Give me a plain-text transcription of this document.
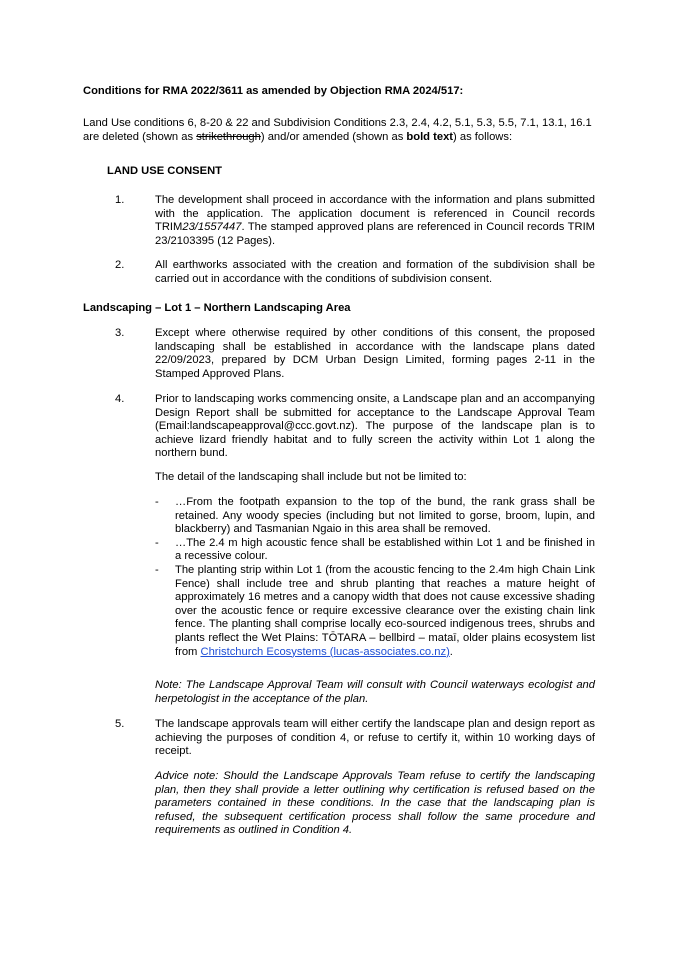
Conditions for RMA 2022/3611 as amended by Objection RMA 2024/517:
Land Use conditions 6, 8-20 & 22 and Subdivision Conditions 2.3, 2.4, 4.2, 5.1, 5.3, 5.5, 7.1, 13.1, 16.1 are deleted (shown as strikethrough) and/or amended (shown as bold text) as follows:
LAND USE CONSENT
1.	The development shall proceed in accordance with the information and plans submitted with the application. The application document is referenced in Council records TRIM23/1557447. The stamped approved plans are referenced in Council records TRIM 23/2103395 (12 Pages).
2.	All earthworks associated with the creation and formation of the subdivision shall be carried out in accordance with the conditions of subdivision consent.
Landscaping – Lot 1 – Northern Landscaping Area
3.	Except where otherwise required by other conditions of this consent, the proposed landscaping shall be established in accordance with the landscape plans dated 22/09/2023, prepared by DCM Urban Design Limited, forming pages 2-11 in the Stamped Approved Plans.
4.	Prior to landscaping works commencing onsite, a Landscape plan and an accompanying Design Report shall be submitted for acceptance to the Landscape Approval Team (Email:landscapeapproval@ccc.govt.nz). The purpose of the landscape plan is to achieve lizard friendly habitat and to fully screen the activity within Lot 1 along the northern bund.
The detail of the landscaping shall include but not be limited to:
-	…From the footpath expansion to the top of the bund, the rank grass shall be retained. Any woody species (including but not limited to gorse, broom, lupin, and blackberry) and Tasmanian Ngaio in this area shall be removed.
-	…The 2.4 m high acoustic fence shall be established within Lot 1 and be finished in a recessive colour.
-	The planting strip within Lot 1 (from the acoustic fencing to the 2.4m high Chain Link Fence) shall include tree and shrub planting that reaches a mature height of approximately 16 metres and a canopy width that does not cause excessive shading over the acoustic fence or require excessive clearance over the existing chain link fence. The planting shall comprise locally eco-sourced indigenous trees, shrubs and plants reflect the Wet Plains: TŌTARA – bellbird – mataī, older plains ecosystem list from Christchurch Ecosystems (lucas-associates.co.nz).
Note: The Landscape Approval Team will consult with Council waterways ecologist and herpetologist in the acceptance of the plan.
5.	The landscape approvals team will either certify the landscape plan and design report as achieving the purposes of condition 4, or refuse to certify it, within 10 working days of receipt.
Advice note: Should the Landscape Approvals Team refuse to certify the landscaping plan, then they shall provide a letter outlining why certification is refused based on the parameters contained in these conditions. In the case that the landscaping plan is refused, the subsequent certification process shall follow the same procedure and requirements as outlined in Condition 4.
